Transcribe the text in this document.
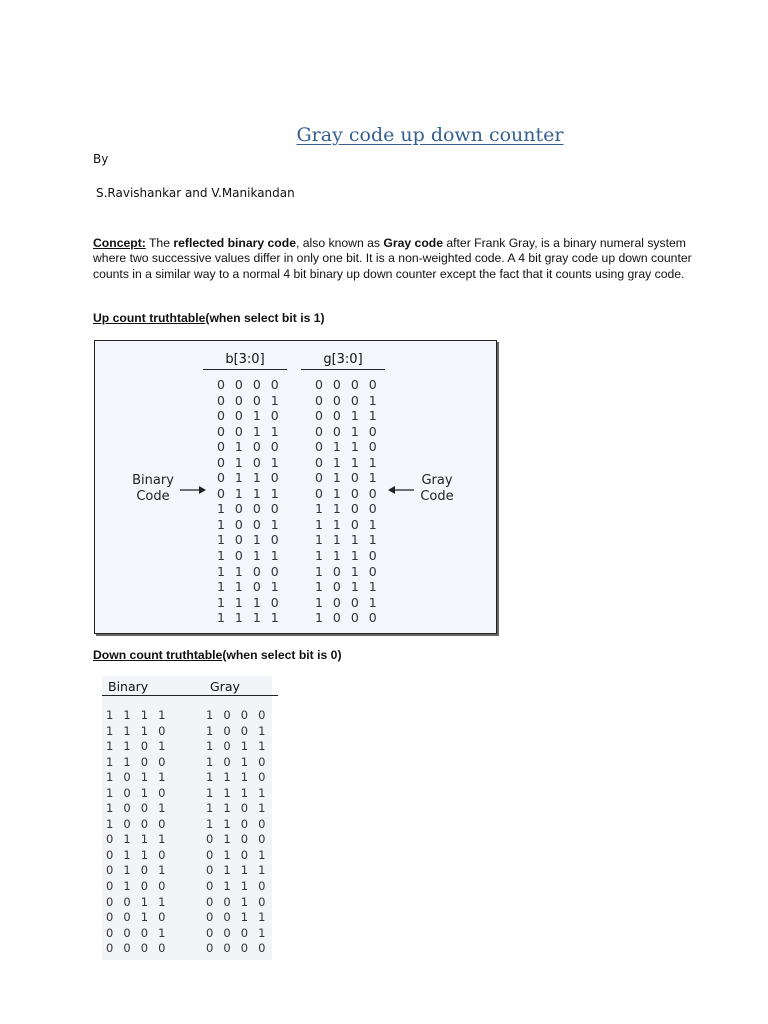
Gray code up down counter
By
S.Ravishankar and V.Manikandan
Concept: The reflected binary code, also known as Gray code after Frank Gray, is a binary numeral system where two successive values differ in only one bit. It is a non-weighted code. A 4 bit gray code up down counter counts in a similar way to a normal 4 bit binary up down counter except the fact that it counts using gray code.
Up count truthtable(when select bit is 1)
b[3:0]	g[3:0]
0 0 0 0
0 0 0 1
0 0 1 0
0 0 1 1
0 1 0 0
0 1 0 1
0 1 1 0
0 1 1 1
1 0 0 0
1 0 0 1
1 0 1 0
1 0 1 1
1 1 0 0
1 1 0 1
1 1 1 0
1 1 1 1
0 0 0 0
0 0 0 1
0 0 1 1
0 0 1 0
0 1 1 0
0 1 1 1
0 1 0 1
0 1 0 0
1 1 0 0
1 1 0 1
1 1 1 1
1 1 1 0
1 0 1 0
1 0 1 1
1 0 0 1
1 0 0 0
Binary
Code
Gray
Code
Down count truthtable(when select bit is 0)
Binary	Gray
1 1 1 1
1 1 1 0
1 1 0 1
1 1 0 0
1 0 1 1
1 0 1 0
1 0 0 1
1 0 0 0
0 1 1 1
0 1 1 0
0 1 0 1
0 1 0 0
0 0 1 1
0 0 1 0
0 0 0 1
0 0 0 0
1 0 0 0
1 0 0 1
1 0 1 1
1 0 1 0
1 1 1 0
1 1 1 1
1 1 0 1
1 1 0 0
0 1 0 0
0 1 0 1
0 1 1 1
0 1 1 0
0 0 1 0
0 0 1 1
0 0 0 1
0 0 0 0
